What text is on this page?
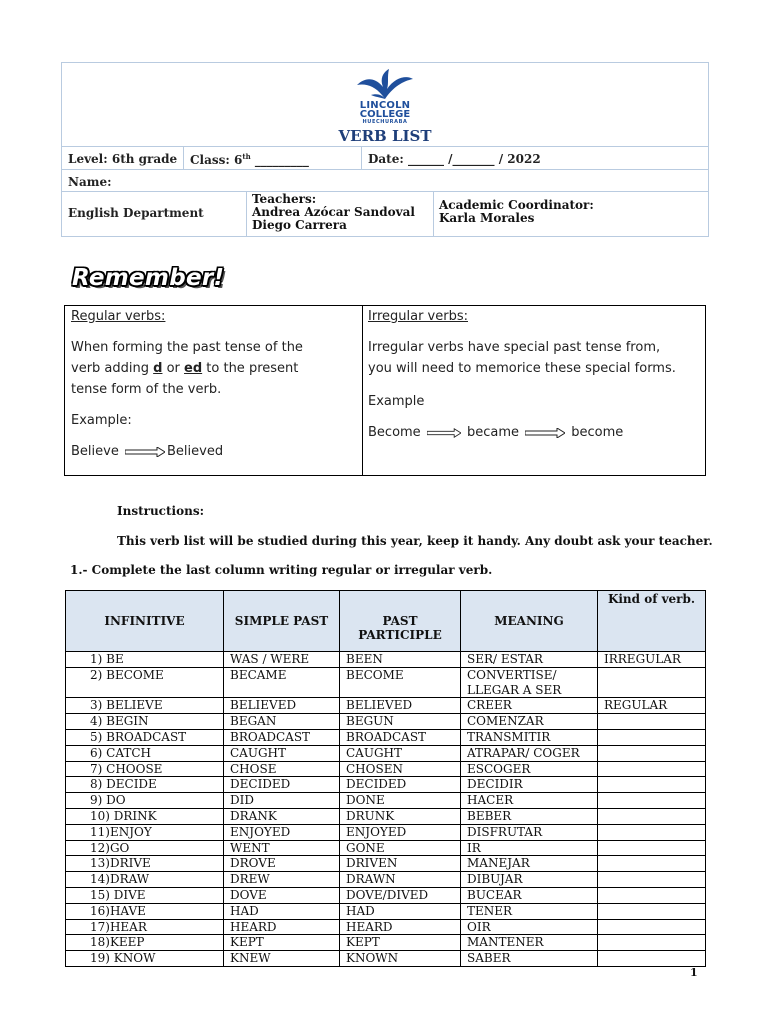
LINCOLN
COLLEGE
HUECHURABA
VERB LIST
Level: 6th grade Class: 6th _________	Date: ______ /_______ / 2022
Name:
English Department
Teachers:
Andrea Azócar Sandoval
Diego Carrera
Academic Coordinator:
Karla Morales
Remember!
Regular verbs:
When forming the past tense of the
verb adding d or ed to the present
tense form of the verb.
Example:
Believe	Believed
Irregular verbs:
Irregular verbs have special past tense from,
you will need to memorice these special forms.
Example
Become	became	become
Instructions:
This verb list will be studied during this year, keep it handy. Any doubt ask your teacher.
1.- Complete the last column writing regular or irregular verb.
INFINITIVE	SIMPLE PAST	PAST PARTICIPLE	MEANING	Kind of verb.
1) BE	WAS / WERE	BEEN	SER/ ESTAR	IRREGULAR
2) BECOME	BECAME	BECOME	CONVERTISE/	
			LLEGAR A SER	
3) BELIEVE	BELIEVED	BELIEVED	CREER	REGULAR
4) BEGIN	BEGAN	BEGUN	COMENZAR	
5) BROADCAST	BROADCAST	BROADCAST	TRANSMITIR	
6) CATCH	CAUGHT	CAUGHT	ATRAPAR/ COGER	
7) CHOOSE	CHOSE	CHOSEN	ESCOGER	
8) DECIDE	DECIDED	DECIDED	DECIDIR	
9) DO	DID	DONE	HACER	
10) DRINK	DRANK	DRUNK	BEBER	
11)ENJOY	ENJOYED	ENJOYED	DISFRUTAR	
12)GO	WENT	GONE	IR	
13)DRIVE	DROVE	DRIVEN	MANEJAR	
14)DRAW	DREW	DRAWN	DIBUJAR	
15) DIVE	DOVE	DOVE/DIVED	BUCEAR	
16)HAVE	HAD	HAD	TENER	
17)HEAR	HEARD	HEARD	OIR	
18)KEEP	KEPT	KEPT	MANTENER	
19) KNOW	KNEW	KNOWN	SABER	
1
